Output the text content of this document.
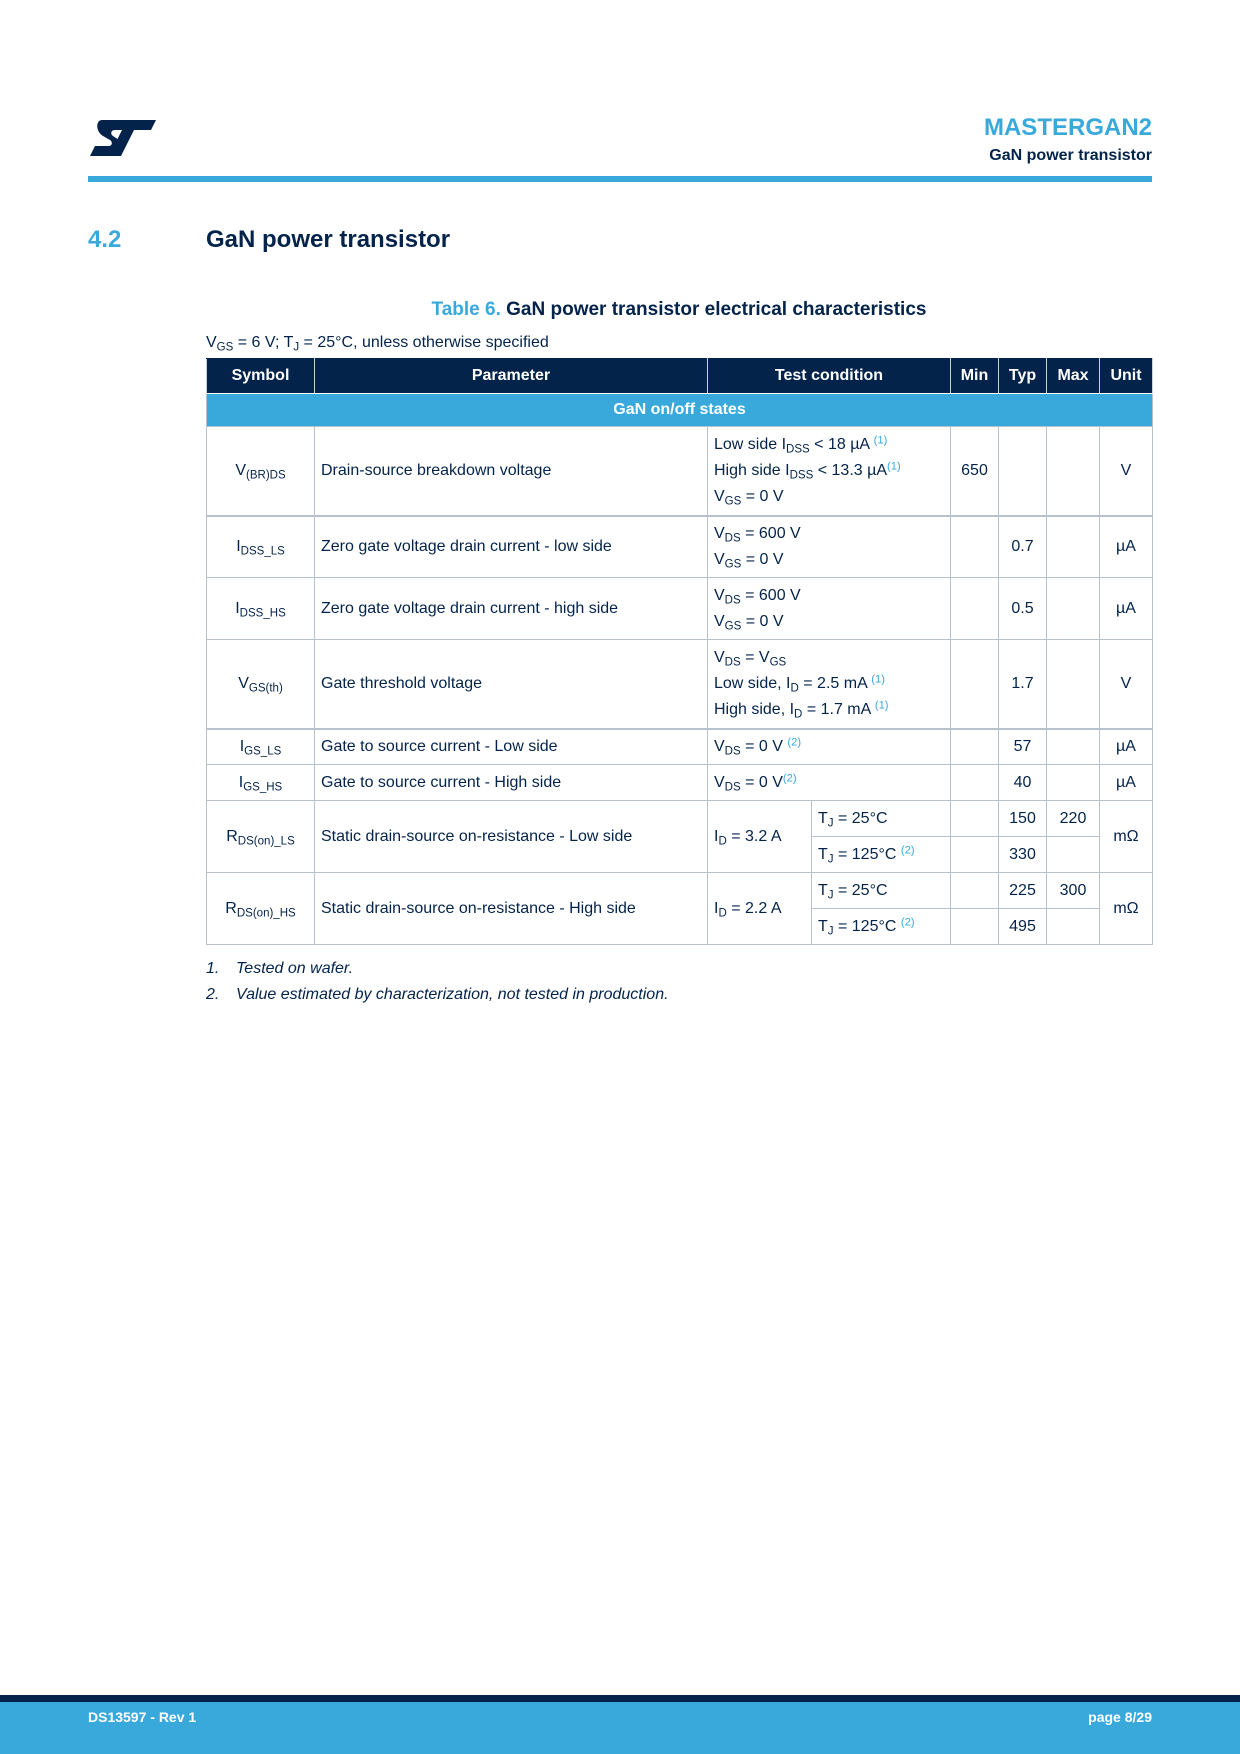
MASTERGAN2
GaN power transistor
4.2	GaN power transistor
Table 6. GaN power transistor electrical characteristics
$V_{GS} = 6$ V; $T_J = 25^\circ C$, unless otherwise specified
Symbol	Parameter	Test condition		Min	Typ	Max	Unit
GaN on/off states							
$V_{(BR)DS}$	Drain-source breakdown voltage	Low side $I_{DSS} < 18$ µA $^{(1)}$
High side $I_{DSS} < 13.3$ µA$^{(1)}$
$V_{GS} = 0$ V		650			V
$I_{DSS\_LS}$	Zero gate voltage drain current - low side	$V_{DS} = 600$ V
$V_{GS} = 0$ V			0.7		µA
$I_{DSS\_HS}$	Zero gate voltage drain current - high side	$V_{DS} = 600$ V
$V_{GS} = 0$ V			0.5		µA
$V_{GS(th)}$	Gate threshold voltage	$V_{DS} = V_{GS}$
Low side, $I_D = 2.5$ mA $^{(1)}$
High side, $I_D = 1.7$ mA $^{(1)}$			1.7		V
$I_{GS\_LS}$	Gate to source current - Low side	$V_{DS} = 0$ V $^{(2)}$			57		µA
$I_{GS\_HS}$	Gate to source current - High side	$V_{DS} = 0$ V$^{(2)}$			40		µA
$R_{DS(on)\_LS}$	Static drain-source on-resistance - Low side	$I_D = 3.2$ A	$T_J = 25^\circ C$		150	220	mΩ
			$T_J = 125^\circ C$ $^{(2)}$		330		
$R_{DS(on)\_HS}$	Static drain-source on-resistance - High side	$I_D = 2.2$ A	$T_J = 25^\circ C$		225	300	mΩ
			$T_J = 125^\circ C$ $^{(2)}$		495		
1. Tested on wafer.
2. Value estimated by characterization, not tested in production.
DS13597 - Rev 1	page 8/29
